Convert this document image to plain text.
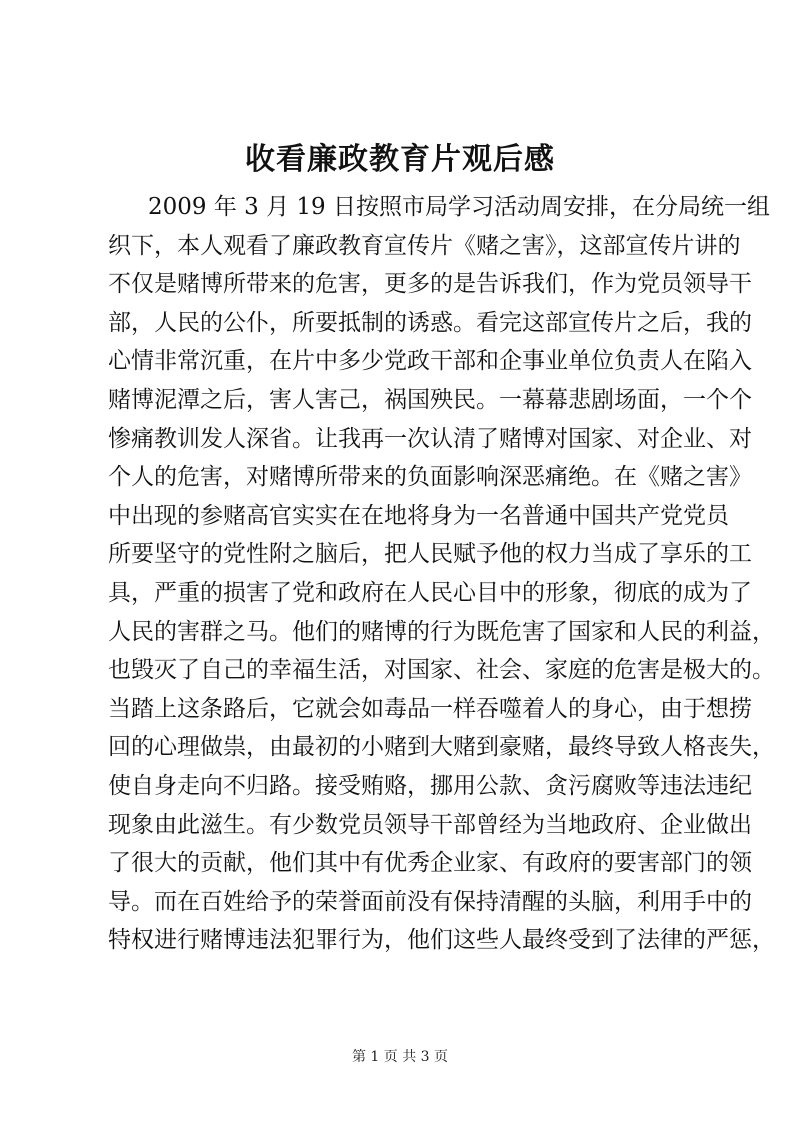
收看廉政教育片观后感
2009 年 3 月 19 日按照市局学习活动周安排，在分局统一组
织下，本人观看了廉政教育宣传片《赌之害》，这部宣传片讲的
不仅是赌博所带来的危害，更多的是告诉我们，作为党员领导干
部，人民的公仆，所要抵制的诱惑。看完这部宣传片之后，我的
心情非常沉重，在片中多少党政干部和企事业单位负责人在陷入
赌博泥潭之后，害人害己，祸国殃民。一幕幕悲剧场面，一个个
惨痛教训发人深省。让我再一次认清了赌博对国家、对企业、对
个人的危害，对赌博所带来的负面影响深恶痛绝。在《赌之害》
中出现的参赌高官实实在在地将身为一名普通中国共产党党员
所要坚守的党性附之脑后，把人民赋予他的权力当成了享乐的工
具，严重的损害了党和政府在人民心目中的形象，彻底的成为了
人民的害群之马。他们的赌博的行为既危害了国家和人民的利益，
也毁灭了自己的幸福生活，对国家、社会、家庭的危害是极大的。
当踏上这条路后，它就会如毒品一样吞噬着人的身心，由于想捞
回的心理做祟，由最初的小赌到大赌到豪赌，最终导致人格丧失，
使自身走向不归路。接受贿赂，挪用公款、贪污腐败等违法违纪
现象由此滋生。有少数党员领导干部曾经为当地政府、企业做出
了很大的贡献，他们其中有优秀企业家、有政府的要害部门的领
导。而在百姓给予的荣誉面前没有保持清醒的头脑，利用手中的
特权进行赌博违法犯罪行为，他们这些人最终受到了法律的严惩，
第 1 页 共 3 页
